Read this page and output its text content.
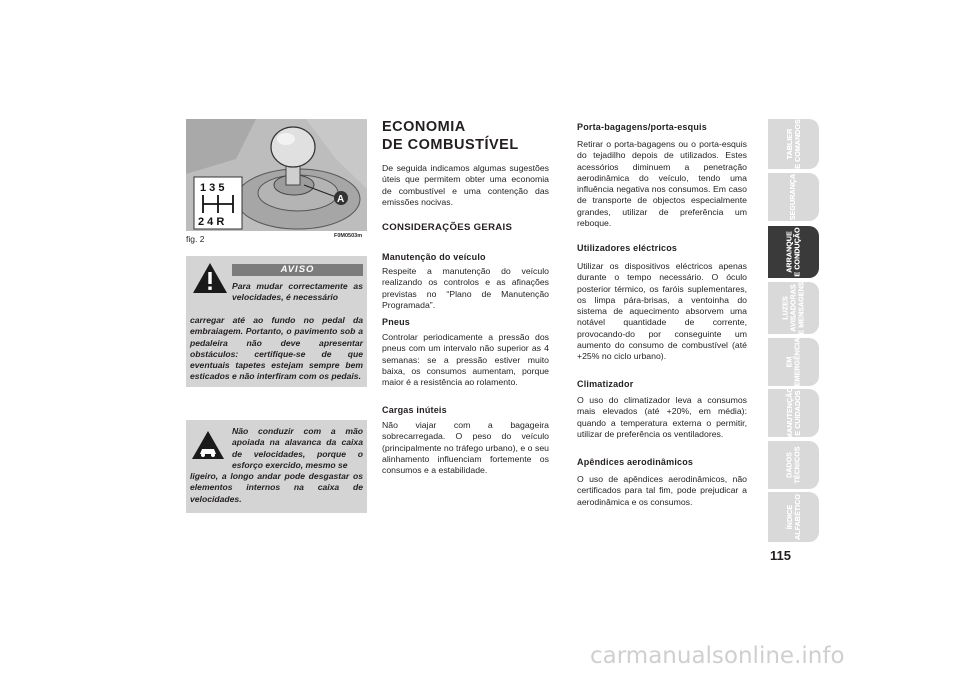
1 3 5
2 4 R
A
fig. 2	F0M0503m
AVISO
Para mudar correctamente as velocidades, é necessário
carregar até ao fundo no pedal da embraiagem. Portanto, o pavimento sob a pedaleira não deve apresentar obstáculos: certifique-se de que eventuais tapetes estejam sempre bem esticados e não interfiram com os pedais.
Não conduzir com a mão apoiada na alavanca da caixa de velocidades, porque o esforço exercido, mesmo se
ligeiro, a longo andar pode desgastar os elementos internos na caixa de velocidades.
ECONOMIA
DE COMBUSTÍVEL
De seguida indicamos algumas sugestões úteis que permitem obter uma economia de combustível e uma contenção das emissões nocivas.
CONSIDERAÇÕES GERAIS
Manutenção do veículo
Respeite a manutenção do veículo realizando os controlos e as afinações previstas no “Plano de Manutenção Programada”.
Pneus
Controlar periodicamente a pressão dos pneus com um intervalo não superior as 4 semanas: se a pressão estiver muito baixa, os consumos aumentam, porque maior é a resistência ao rolamento.
Cargas inúteis
Não viajar com a bagageira sobrecarregada. O peso do veículo (principalmente no tráfego urbano), e o seu alinhamento influenciam fortemente os consumos e a estabilidade.
Porta-bagagens/porta-esquis
Retirar o porta-bagagens ou o porta-esquis do tejadilho depois de utilizados. Estes acessórios diminuem a penetração aerodinâmica do veículo, tendo uma influência negativa nos consumos. Em caso de transporte de objectos especialmente grandes, utilizar de preferência um reboque.
Utilizadores eléctricos
Utilizar os dispositivos eléctricos apenas durante o tempo necessário. O óculo posterior térmico, os faróis suplementares, os limpa pára-brisas, a ventoinha do sistema de aquecimento absorvem uma notável quantidade de corrente, provocando-do por conseguinte um aumento do consumo de combustível (até +25% no ciclo urbano).
Climatizador
O uso do climatizador leva a consumos mais elevados (até +20%, em média): quando a temperatura externa o permitir, utilizar de preferência os ventiladores.
Apêndices aerodinâmicos
O uso de apêndices aerodinâmicos, não certificados para tal fim, pode prejudicar a aerodinâmica e os consumos.
TABLIER E COMANDOS
SEGURANÇA
ARRANQUE E CONDUÇÃO
LUZES AVISADORAS E MENSAGENS
EM EMERGÊNCIA
MANUTENÇÃO E CUIDADOS
DADOS TÉCNICOS
ÍNDICE ALFABÉTICO
115
carmanualsonline.info
